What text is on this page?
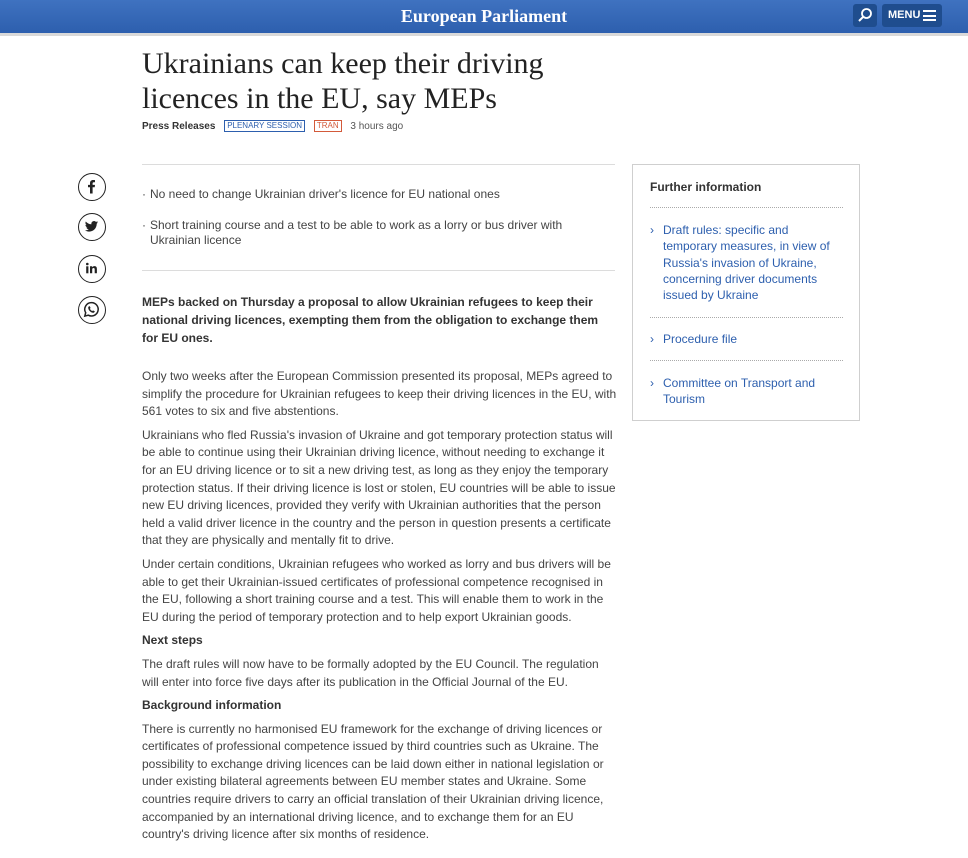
European Parliament	MENU
Ukrainians can keep their driving licences in the EU, say MEPs
Press Releases PLENARY SESSION TRAN 3 hours ago
· No need to change Ukrainian driver's licence for EU national ones
· Short training course and a test to be able to work as a lorry or bus driver with Ukrainian licence

MEPs backed on Thursday a proposal to allow Ukrainian refugees to keep their national driving licences, exempting them from the obligation to exchange them for EU ones.

Only two weeks after the European Commission presented its proposal, MEPs agreed to simplify the procedure for Ukrainian refugees to keep their driving licences in the EU, with 561 votes to six and five abstentions.

Ukrainians who fled Russia's invasion of Ukraine and got temporary protection status will be able to continue using their Ukrainian driving licence, without needing to exchange it for an EU driving licence or to sit a new driving test, as long as they enjoy the temporary protection status. If their driving licence is lost or stolen, EU countries will be able to issue new EU driving licences, provided they verify with Ukrainian authorities that the person held a valid driver licence in the country and the person in question presents a certificate that they are physically and mentally fit to drive.

Under certain conditions, Ukrainian refugees who worked as lorry and bus drivers will be able to get their Ukrainian-issued certificates of professional competence recognised in the EU, following a short training course and a test. This will enable them to work in the EU during the period of temporary protection and to help export Ukrainian goods.

Next steps

The draft rules will now have to be formally adopted by the EU Council. The regulation will enter into force five days after its publication in the Official Journal of the EU.

Background information

There is currently no harmonised EU framework for the exchange of driving licences or certificates of professional competence issued by third countries such as Ukraine. The possibility to exchange driving licences can be laid down either in national legislation or under existing bilateral agreements between EU member states and Ukraine. Some countries require drivers to carry an official translation of their Ukrainian driving licence, accompanied by an international driving licence, and to exchange them for an EU country's driving licence after six months of residence.

Further information
› Draft rules: specific and temporary measures, in view of Russia's invasion of Ukraine, concerning driver documents issued by Ukraine
› Procedure file
› Committee on Transport and Tourism
